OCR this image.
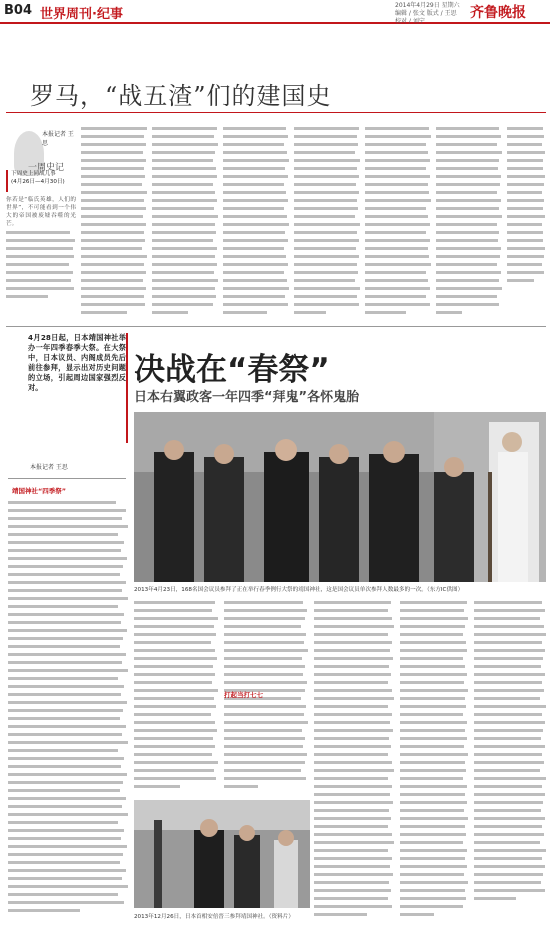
B04 世界周刊·纪事
2014年4月29日 星期六
编辑 / 张文 版式 / 王思
校对 / 刘宁
齐鲁晚报
罗马，“战五渣”们的建国史
本报记者 王思
一周史记
下周史上同战儿事
(4月26日—4月30日)
你若是“临氏英雄，人们的世界”，不可能看到一个伟大的帝国被废墟吞噬的光芒。
4月28日起，日本靖国神社举办一年四季春季大祭。在大祭中，日本议员、内阁成员先后前往参拜，显示出对历史问题的立场，引起周边国家强烈反对。	决战在“春祭”
日本右翼政客一年四季“拜鬼”各怀鬼胎
本报记者 王思
靖国神社“四季祭”
2013年4月23日，168名国会议员参拜了正在举行春季例行大祭的靖国神社，这是国会议员单次参拜人数最多的一次。（东方IC供图）
打起当打七七
2013年12月26日，日本首相安倍晋三参拜靖国神社。（资料片）
